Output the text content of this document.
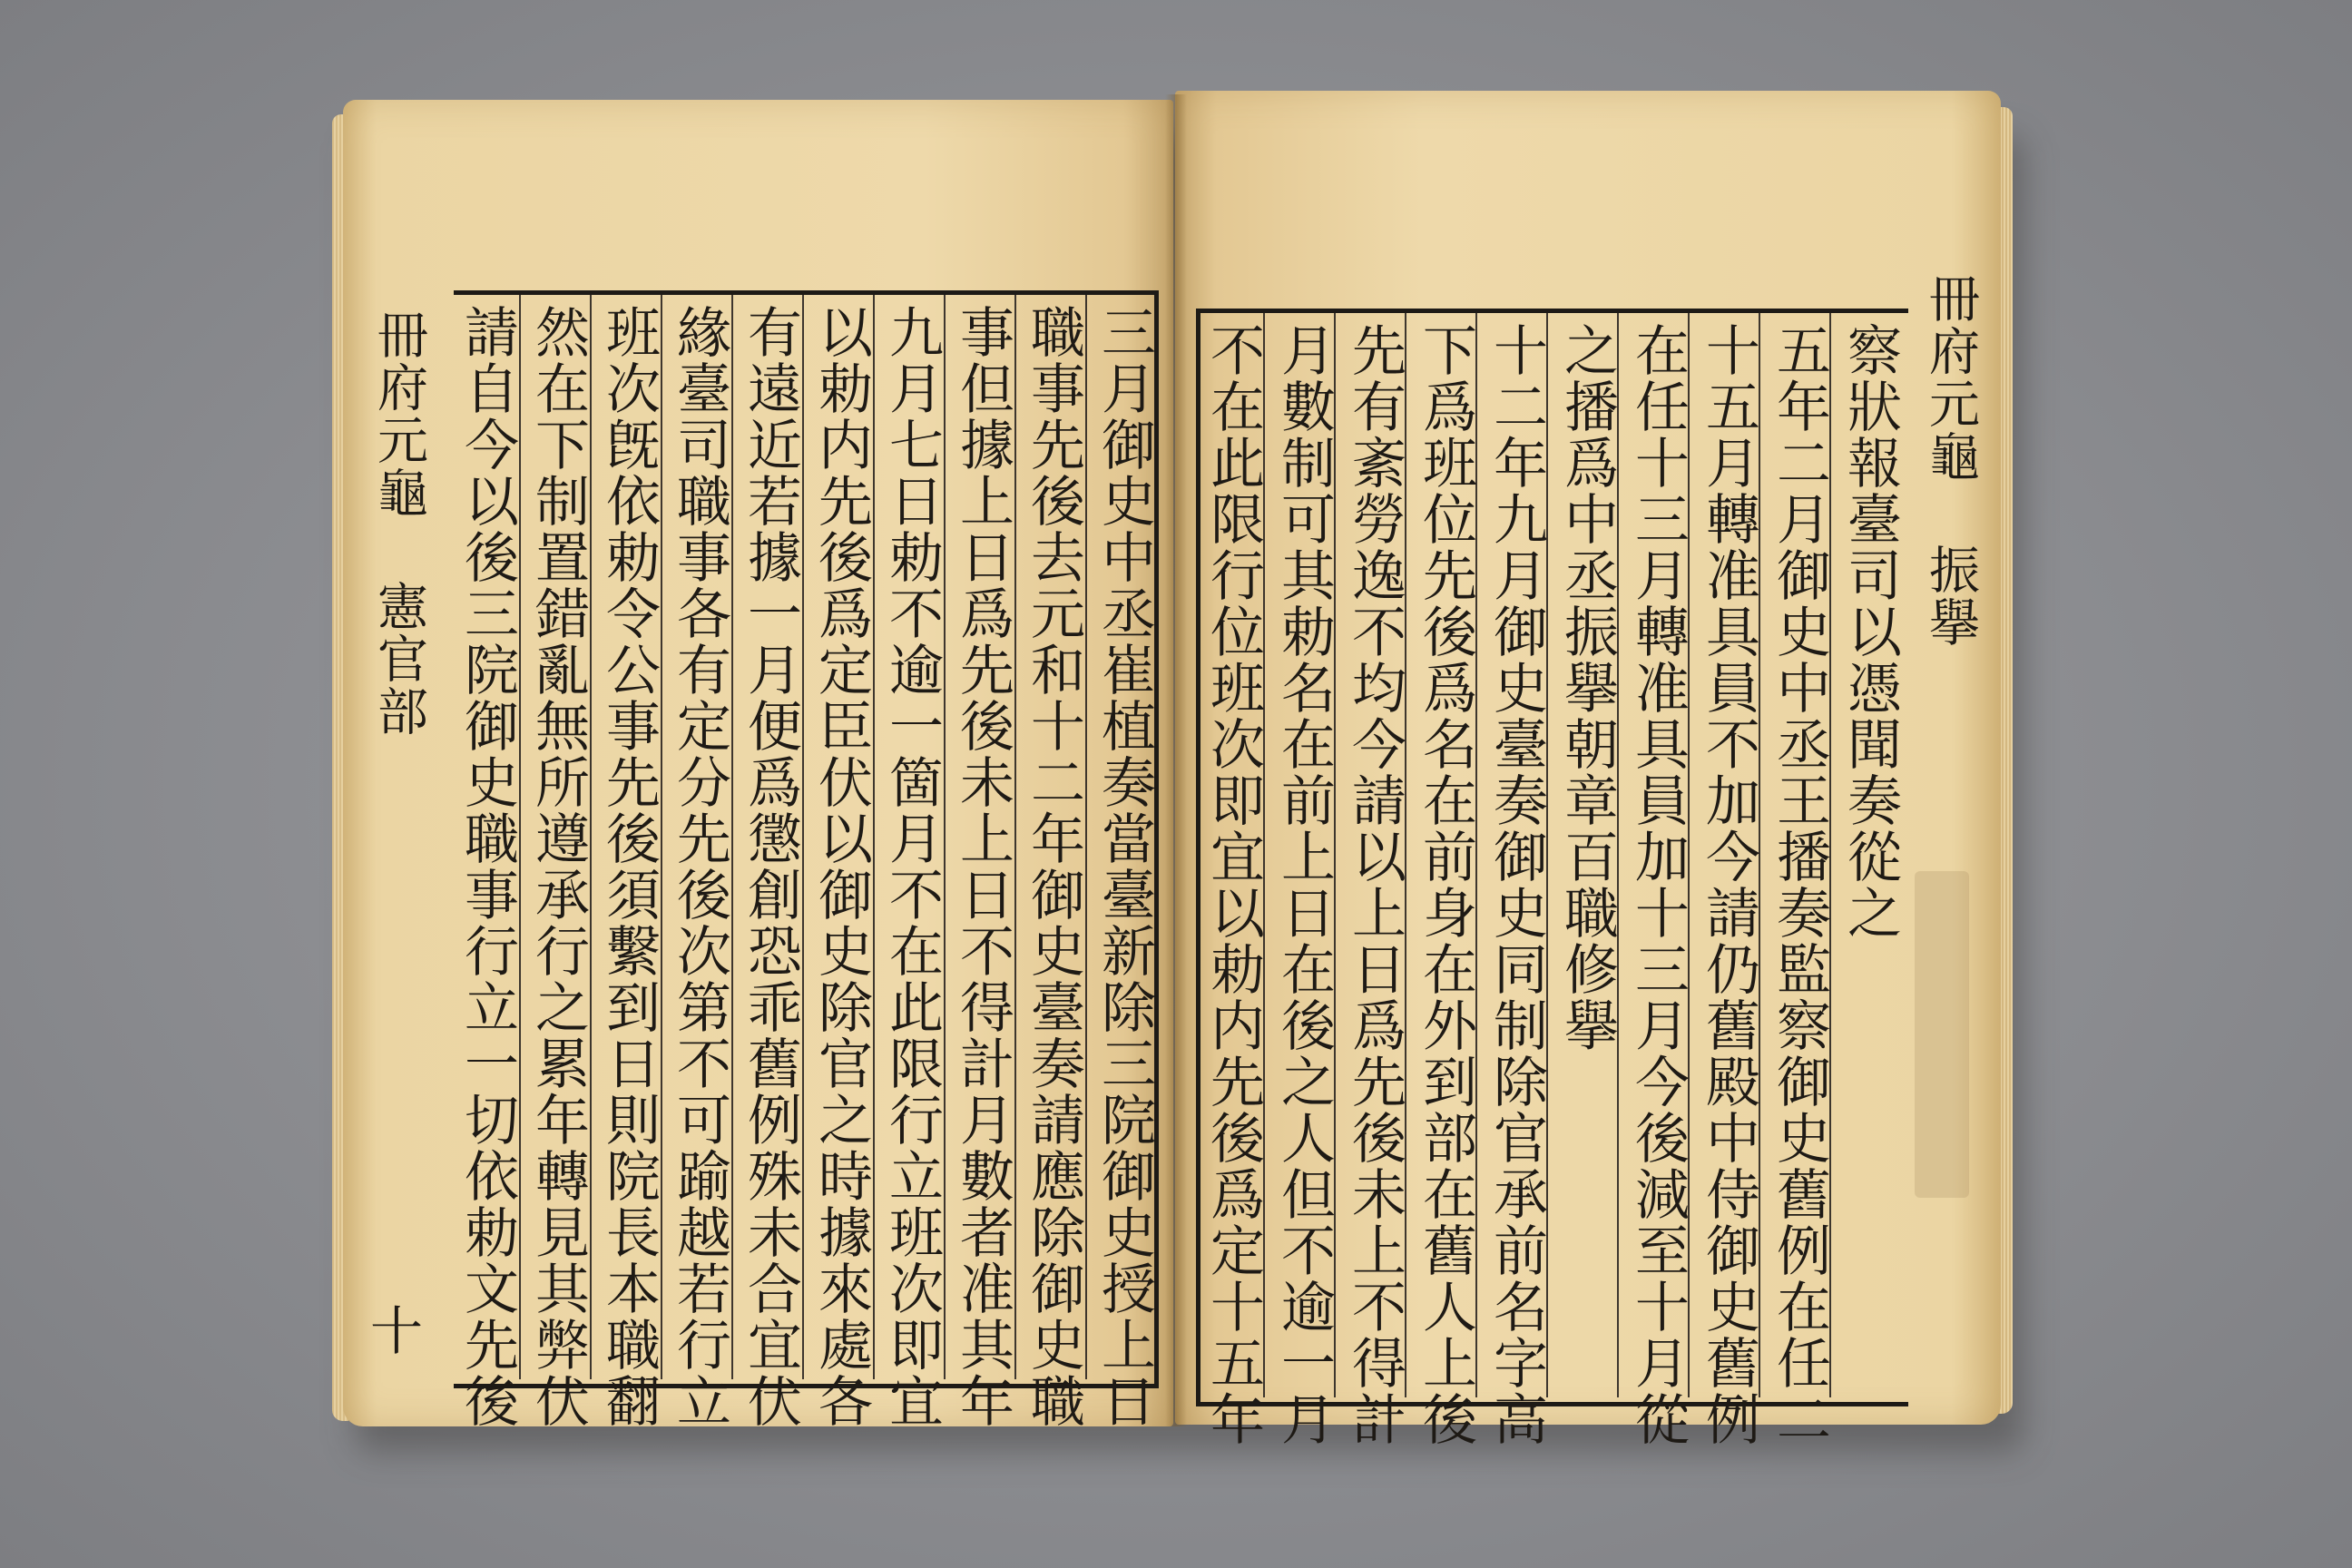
三月御史中丞崔植奏當臺新除三院御史授上日
職事先後去元和十二年御史臺奏請應除御史職
事但據上日爲先後未上日不得計月數者准其年
九月七日勅不逾一箇月不在此限行立班次即宜
以勅内先後爲定臣伏以御史除官之時據來處各
有遠近若據一月便爲懲創恐乖舊例殊未合宜伏
緣臺司職事各有定分先後次第不可踰越若行立
班次旣依勅令公事先後須繫到日則院長本職翻
然在下制置錯亂無所遵承行之累年轉見其弊伏
請自今以後三院御史職事行立一切依勅文先後
冊府元龜 憲官部
十
察狀報臺司以憑聞奏從之
五年二月御史中丞王播奏監察御史舊例在任二
十五月轉准具員不加今請仍舊殿中侍御史舊例
在任十三月轉准具員加十三月今後減至十月從
之播爲中丞振擧朝章百職修擧
十二年九月御史臺奏御史同制除官承前名字高
下爲班位先後爲名在前身在外到部在舊人上後
先有紊勞逸不均今請以上日爲先後未上不得計
月數制可其勅名在前上日在後之人但不逾一月
不在此限行位班次即宜以勅内先後爲定十五年	冊府元龜 振擧
